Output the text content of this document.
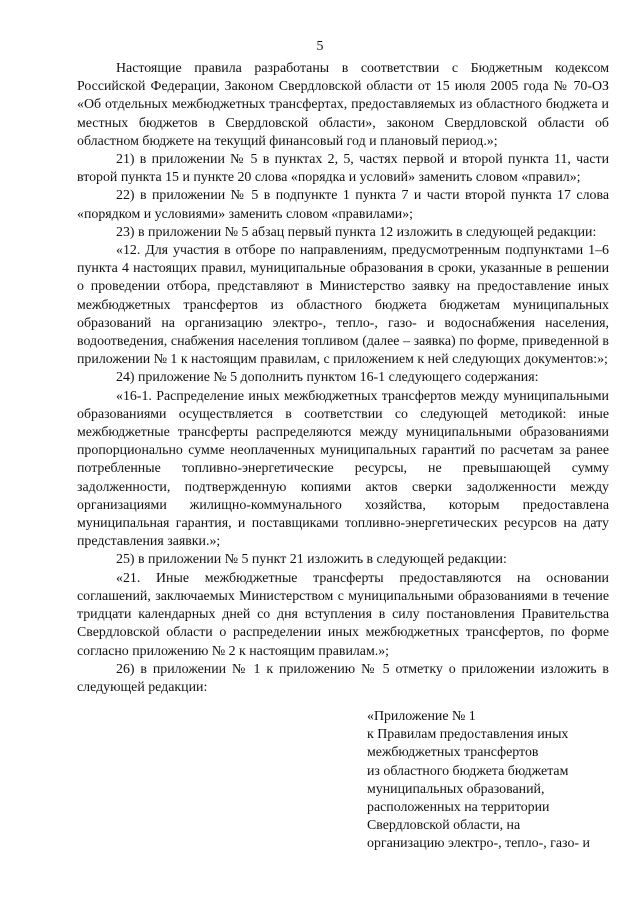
5

Настоящие правила разработаны в соответствии с Бюджетным кодексом Российской Федерации, Законом Свердловской области от 15 июля 2005 года № 70-ОЗ «Об отдельных межбюджетных трансфертах, предоставляемых из областного бюджета и местных бюджетов в Свердловской области», законом Свердловской области об областном бюджете на текущий финансовый год и плановый период.»;

21) в приложении № 5 в пунктах 2, 5, частях первой и второй пункта 11, части второй пункта 15 и пункте 20 слова «порядка и условий» заменить словом «правил»;

22) в приложении № 5 в подпункте 1 пункта 7 и части второй пункта 17 слова «порядком и условиями» заменить словом «правилами»;

23) в приложении № 5 абзац первый пункта 12 изложить в следующей редакции:

«12. Для участия в отборе по направлениям, предусмотренным подпунктами 1–6 пункта 4 настоящих правил, муниципальные образования в сроки, указанные в решении о проведении отбора, представляют в Министерство заявку на предоставление иных межбюджетных трансфертов из областного бюджета бюджетам муниципальных образований на организацию электро-, тепло-, газо- и водоснабжения населения, водоотведения, снабжения населения топливом (далее – заявка) по форме, приведенной в приложении № 1 к настоящим правилам, с приложением к ней следующих документов:»;

24) приложение № 5 дополнить пунктом 16-1 следующего содержания:

«16-1. Распределение иных межбюджетных трансфертов между муниципальными образованиями осуществляется в соответствии со следующей методикой: иные межбюджетные трансферты распределяются между муниципальными образованиями пропорционально сумме неоплаченных муниципальных гарантий по расчетам за ранее потребленные топливно-энергетические ресурсы, не превышающей сумму задолженности, подтвержденную копиями актов сверки задолженности между организациями жилищно-коммунального хозяйства, которым предоставлена муниципальная гарантия, и поставщиками топливно-энергетических ресурсов на дату представления заявки.»;

25) в приложении № 5 пункт 21 изложить в следующей редакции:

«21. Иные межбюджетные трансферты предоставляются на основании соглашений, заключаемых Министерством с муниципальными образованиями в течение тридцати календарных дней со дня вступления в силу постановления Правительства Свердловской области о распределении иных межбюджетных трансфертов, по форме согласно приложению № 2 к настоящим правилам.»;

26) в приложении № 1 к приложению № 5 отметку о приложении изложить в следующей редакции:

«Приложение № 1
к Правилам предоставления иных
межбюджетных трансфертов
из областного бюджета бюджетам
муниципальных образований,
расположенных на территории
Свердловской области, на
организацию электро-, тепло-, газо- и
